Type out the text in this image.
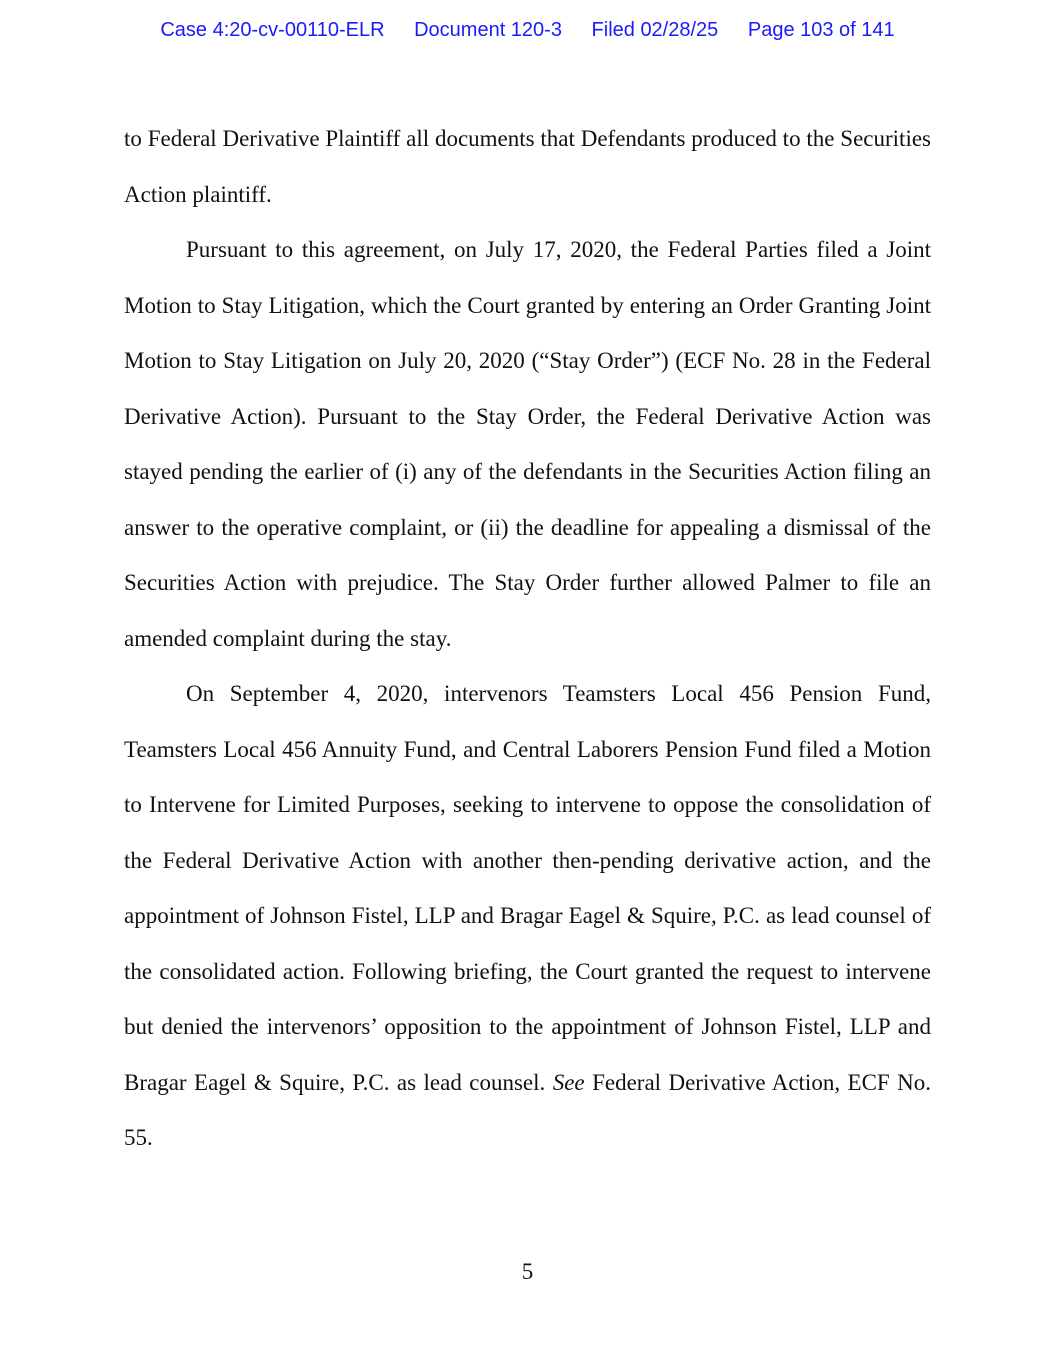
Case 4:20-cv-00110-ELR Document 120-3 Filed 02/28/25 Page 103 of 141

to Federal Derivative Plaintiff all documents that Defendants produced to the Securities Action plaintiff.

Pursuant to this agreement, on July 17, 2020, the Federal Parties filed a Joint Motion to Stay Litigation, which the Court granted by entering an Order Granting Joint Motion to Stay Litigation on July 20, 2020 (“Stay Order”) (ECF No. 28 in the Federal Derivative Action). Pursuant to the Stay Order, the Federal Derivative Action was stayed pending the earlier of (i) any of the defendants in the Securities Action filing an answer to the operative complaint, or (ii) the deadline for appealing a dismissal of the Securities Action with prejudice. The Stay Order further allowed Palmer to file an amended complaint during the stay.

On September 4, 2020, intervenors Teamsters Local 456 Pension Fund, Teamsters Local 456 Annuity Fund, and Central Laborers Pension Fund filed a Motion to Intervene for Limited Purposes, seeking to intervene to oppose the consolidation of the Federal Derivative Action with another then-pending derivative action, and the appointment of Johnson Fistel, LLP and Bragar Eagel & Squire, P.C. as lead counsel of the consolidated action. Following briefing, the Court granted the request to intervene but denied the intervenors’ opposition to the appointment of Johnson Fistel, LLP and Bragar Eagel & Squire, P.C. as lead counsel. See Federal Derivative Action, ECF No. 55.

5
